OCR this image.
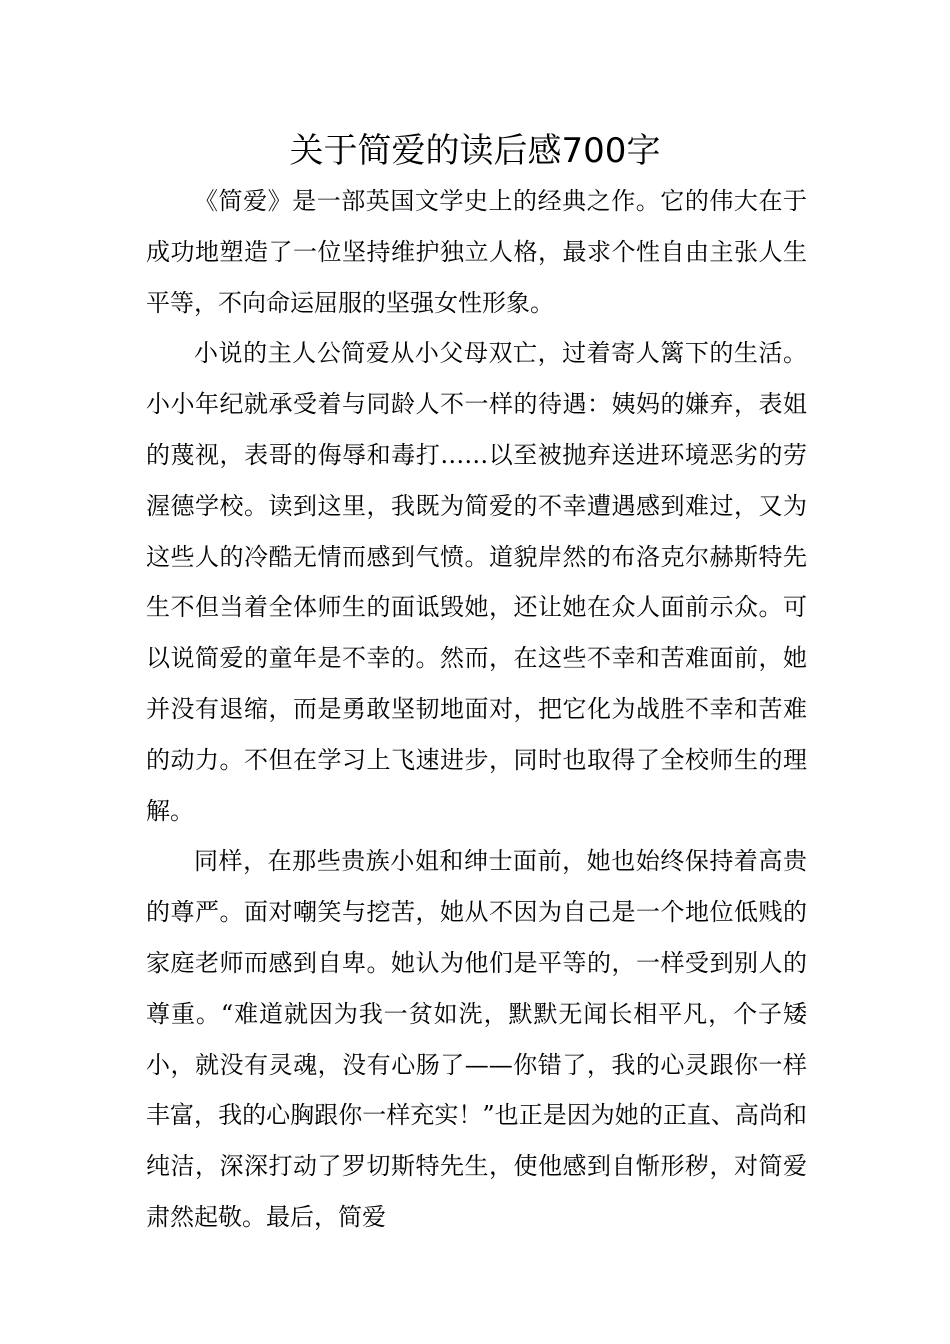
关于简爱的读后感700字

《简爱》是一部英国文学史上的经典之作。它的伟大在于成功地塑造了一位坚持维护独立人格，最求个性自由主张人生平等，不向命运屈服的坚强女性形象。

小说的主人公简爱从小父母双亡，过着寄人篱下的生活。小小年纪就承受着与同龄人不一样的待遇：姨妈的嫌弃，表姐的蔑视，表哥的侮辱和毒打……以至被抛弃送进环境恶劣的劳渥德学校。读到这里，我既为简爱的不幸遭遇感到难过，又为这些人的冷酷无情而感到气愤。道貌岸然的布洛克尔赫斯特先生不但当着全体师生的面诋毁她，还让她在众人面前示众。可以说简爱的童年是不幸的。然而，在这些不幸和苦难面前，她并没有退缩，而是勇敢坚韧地面对，把它化为战胜不幸和苦难的动力。不但在学习上飞速进步，同时也取得了全校师生的理解。

同样，在那些贵族小姐和绅士面前，她也始终保持着高贵的尊严。面对嘲笑与挖苦，她从不因为自己是一个地位低贱的家庭老师而感到自卑。她认为他们是平等的，一样受到别人的尊重。“难道就因为我一贫如洗，默默无闻长相平凡，个子矮小，就没有灵魂，没有心肠了——你错了，我的心灵跟你一样丰富，我的心胸跟你一样充实！”也正是因为她的正直、高尚和纯洁，深深打动了罗切斯特先生，使他感到自惭形秽，对简爱肃然起敬。最后，简爱
